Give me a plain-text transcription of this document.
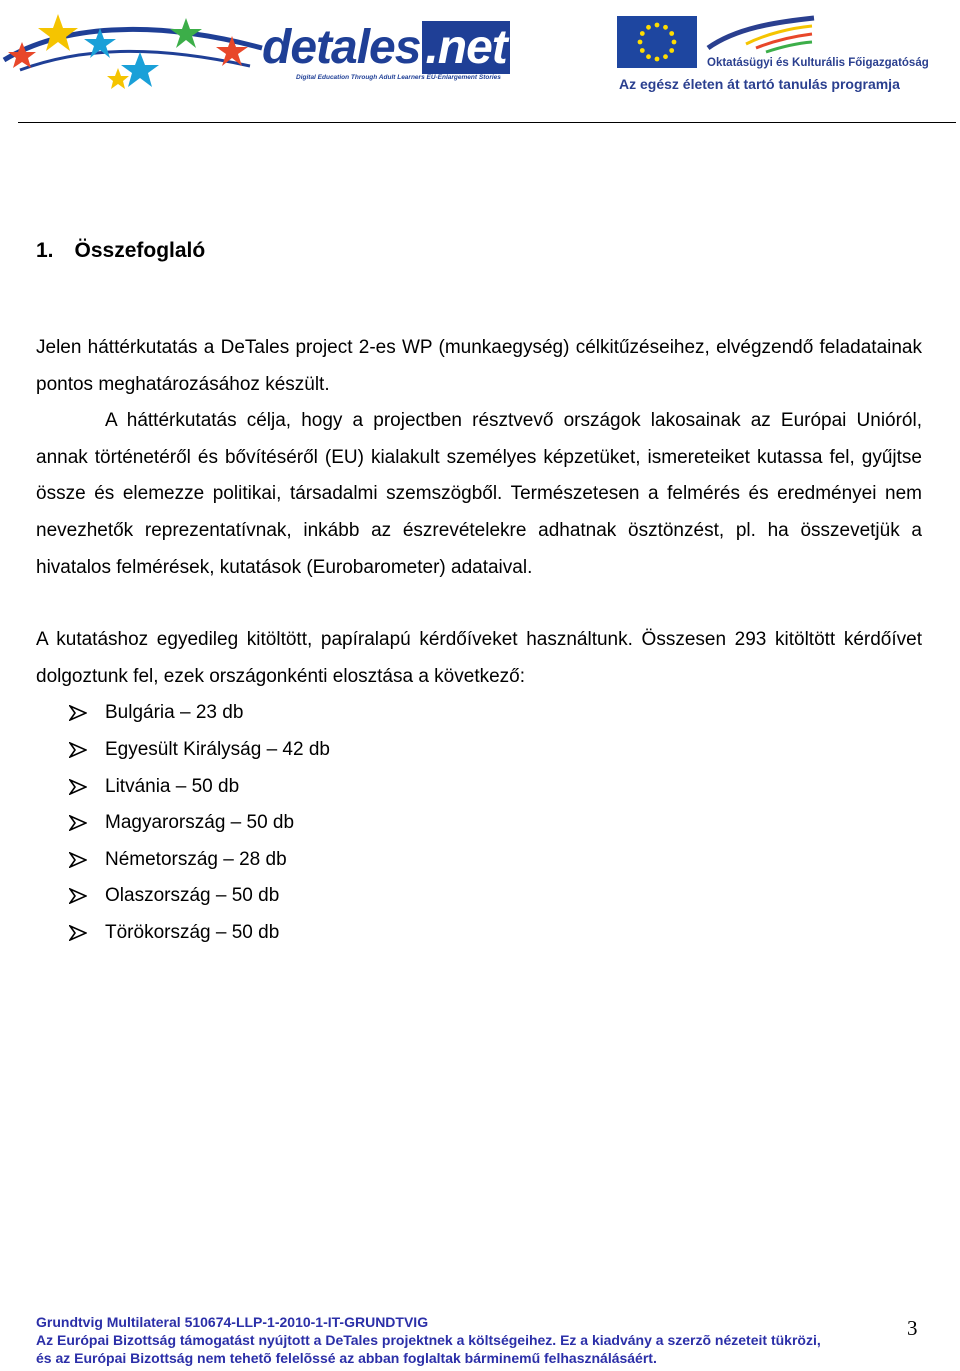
detales .net
Digital Education Through Adult Learners EU-Enlargement Stories
Oktatásügyi és Kulturális Főigazgatóság
Az egész életen át tartó tanulás programja
1. Összefoglaló

Jelen háttérkutatás a DeTales project 2-es WP (munkaegység) célkitűzéseihez, elvégzendő feladatainak pontos meghatározásához készült.

A háttérkutatás célja, hogy a projectben résztvevő országok lakosainak az Európai Unióról, annak történetéről és bővítéséről (EU) kialakult személyes képzetüket, ismereteiket kutassa fel, gyűjtse össze és elemezze politikai, társadalmi szemszögből. Természetesen a felmérés és eredményei nem nevezhetők reprezentatívnak, inkább az észrevételekre adhatnak ösztönzést, pl. ha összevetjük a hivatalos felmérések, kutatások (Eurobarometer) adataival.

A kutatáshoz egyedileg kitöltött, papíralapú kérdőíveket használtunk. Összesen 293 kitöltött kérdőívet dolgoztunk fel, ezek országonkénti elosztása a következő:

Bulgária – 23 db
Egyesült Királyság – 42 db
Litvánia – 50 db
Magyarország – 50 db
Németország – 28 db
Olaszország – 50 db
Törökország – 50 db
Grundtvig Multilateral 510674-LLP-1-2010-1-IT-GRUNDTVIG
Az Európai Bizottság támogatást nyújtott a DeTales projektnek a költségeihez. Ez a kiadvány a szerzõ nézeteit tükrözi,
és az Európai Bizottság nem tehetõ felelõssé az abban foglaltak bárminemű felhasználásáért.
3
